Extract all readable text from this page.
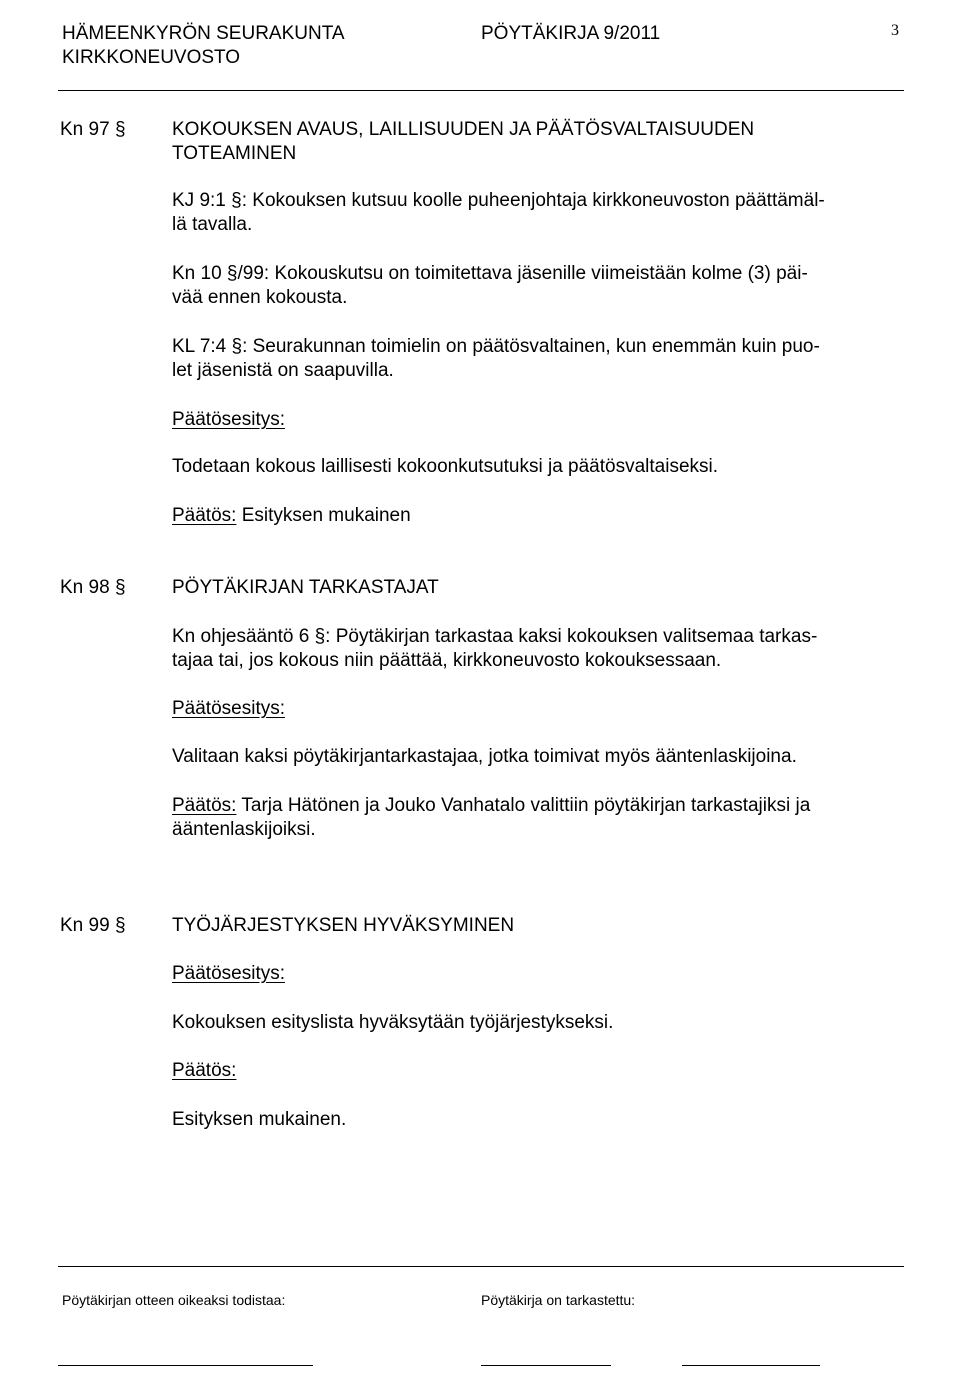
HÄMEENKYRÖN SEURAKUNTA
KIRKKONEUVOSTO
PÖYTÄKIRJA 9/2011	3
Kn 97 § KOKOUKSEN AVAUS, LAILLISUUDEN JA PÄÄTÖSVALTAISUUDEN
TOTEAMINEN
KJ 9:1 §: Kokouksen kutsuu koolle puheenjohtaja kirkkoneuvoston päättämäl-
lä tavalla.
Kn 10 §/99: Kokouskutsu on toimitettava jäsenille viimeistään kolme (3) päi-
vää ennen kokousta.
KL 7:4 §: Seurakunnan toimielin on päätösvaltainen, kun enemmän kuin puo-
let jäsenistä on saapuvilla.
Päätösesitys:
Todetaan kokous laillisesti kokoonkutsutuksi ja päätösvaltaiseksi.
Päätös: Esityksen mukainen
Kn 98 § PÖYTÄKIRJAN TARKASTAJAT
Kn ohjesääntö 6 §: Pöytäkirjan tarkastaa kaksi kokouksen valitsemaa tarkas-
tajaa tai, jos kokous niin päättää, kirkkoneuvosto kokouksessaan.
Päätösesitys:
Valitaan kaksi pöytäkirjantarkastajaa, jotka toimivat myös ääntenlaskijoina.
Päätös: Tarja Hätönen ja Jouko Vanhatalo valittiin pöytäkirjan tarkastajiksi ja
ääntenlaskijoiksi.
Kn 99 § TYÖJÄRJESTYKSEN HYVÄKSYMINEN
Päätösesitys:
Kokouksen esityslista hyväksytään työjärjestykseksi.
Päätös:
Esityksen mukainen.
Pöytäkirjan otteen oikeaksi todistaa:	Pöytäkirja on tarkastettu:
